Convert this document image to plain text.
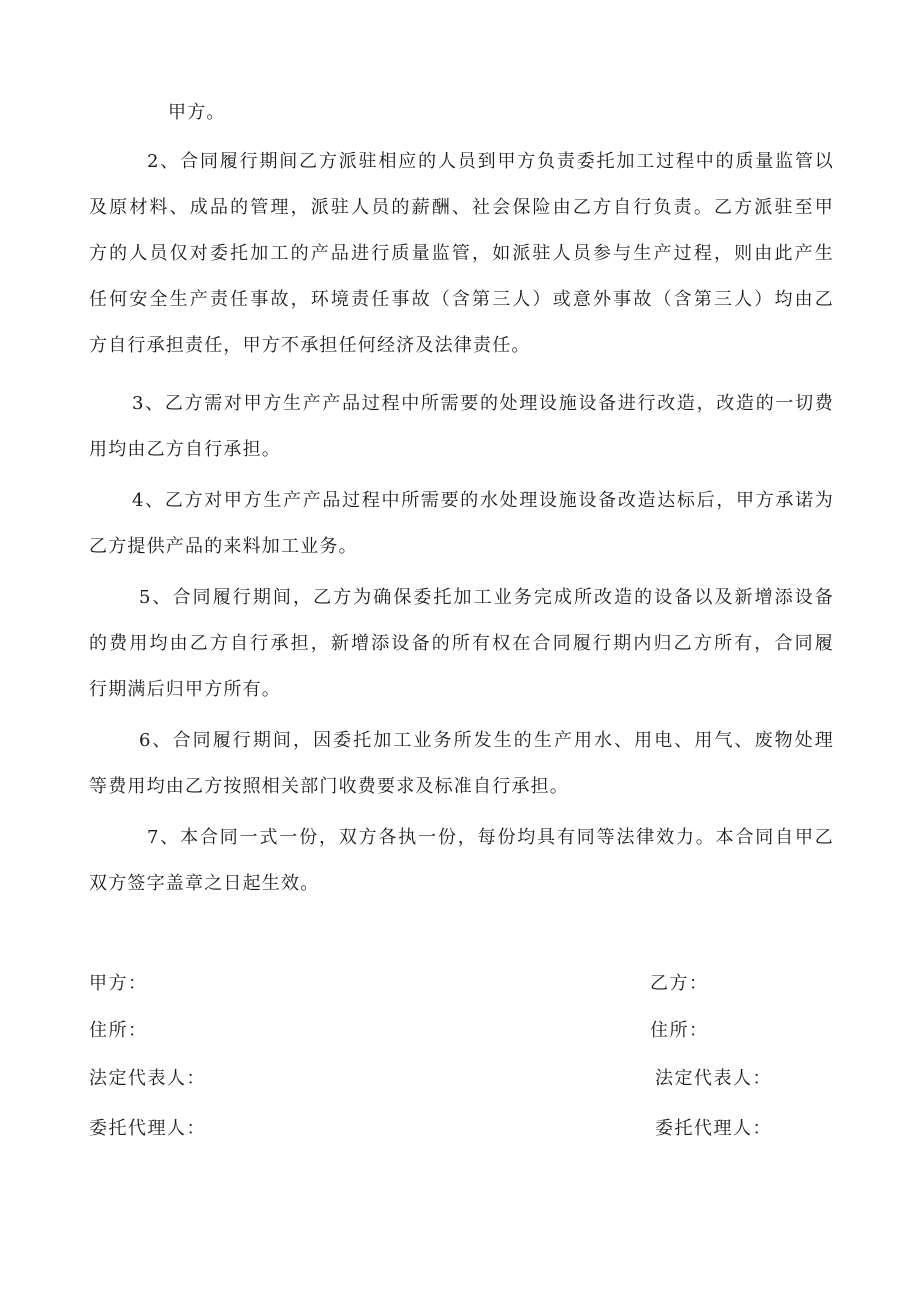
甲方。
2、合同履行期间乙方派驻相应的人员到甲方负责委托加工过程中的质量监管以
及原材料、成品的管理，派驻人员的薪酬、社会保险由乙方自行负责。乙方派驻至甲
方的人员仅对委托加工的产品进行质量监管，如派驻人员参与生产过程，则由此产生
任何安全生产责任事故，环境责任事故（含第三人）或意外事故（含第三人）均由乙
方自行承担责任，甲方不承担任何经济及法律责任。
3、乙方需对甲方生产产品过程中所需要的处理设施设备进行改造，改造的一切费
用均由乙方自行承担。
4、乙方对甲方生产产品过程中所需要的水处理设施设备改造达标后，甲方承诺为
乙方提供产品的来料加工业务。
5、合同履行期间，乙方为确保委托加工业务完成所改造的设备以及新增添设备
的费用均由乙方自行承担，新增添设备的所有权在合同履行期内归乙方所有，合同履
行期满后归甲方所有。
6、合同履行期间，因委托加工业务所发生的生产用水、用电、用气、废物处理
等费用均由乙方按照相关部门收费要求及标准自行承担。
7、本合同一式一份，双方各执一份，每份均具有同等法律效力。本合同自甲乙
双方签字盖章之日起生效。

甲方：

住所：

法定代表人：

委托代理人：

乙方：

住所：

法定代表人：

委托代理人：
